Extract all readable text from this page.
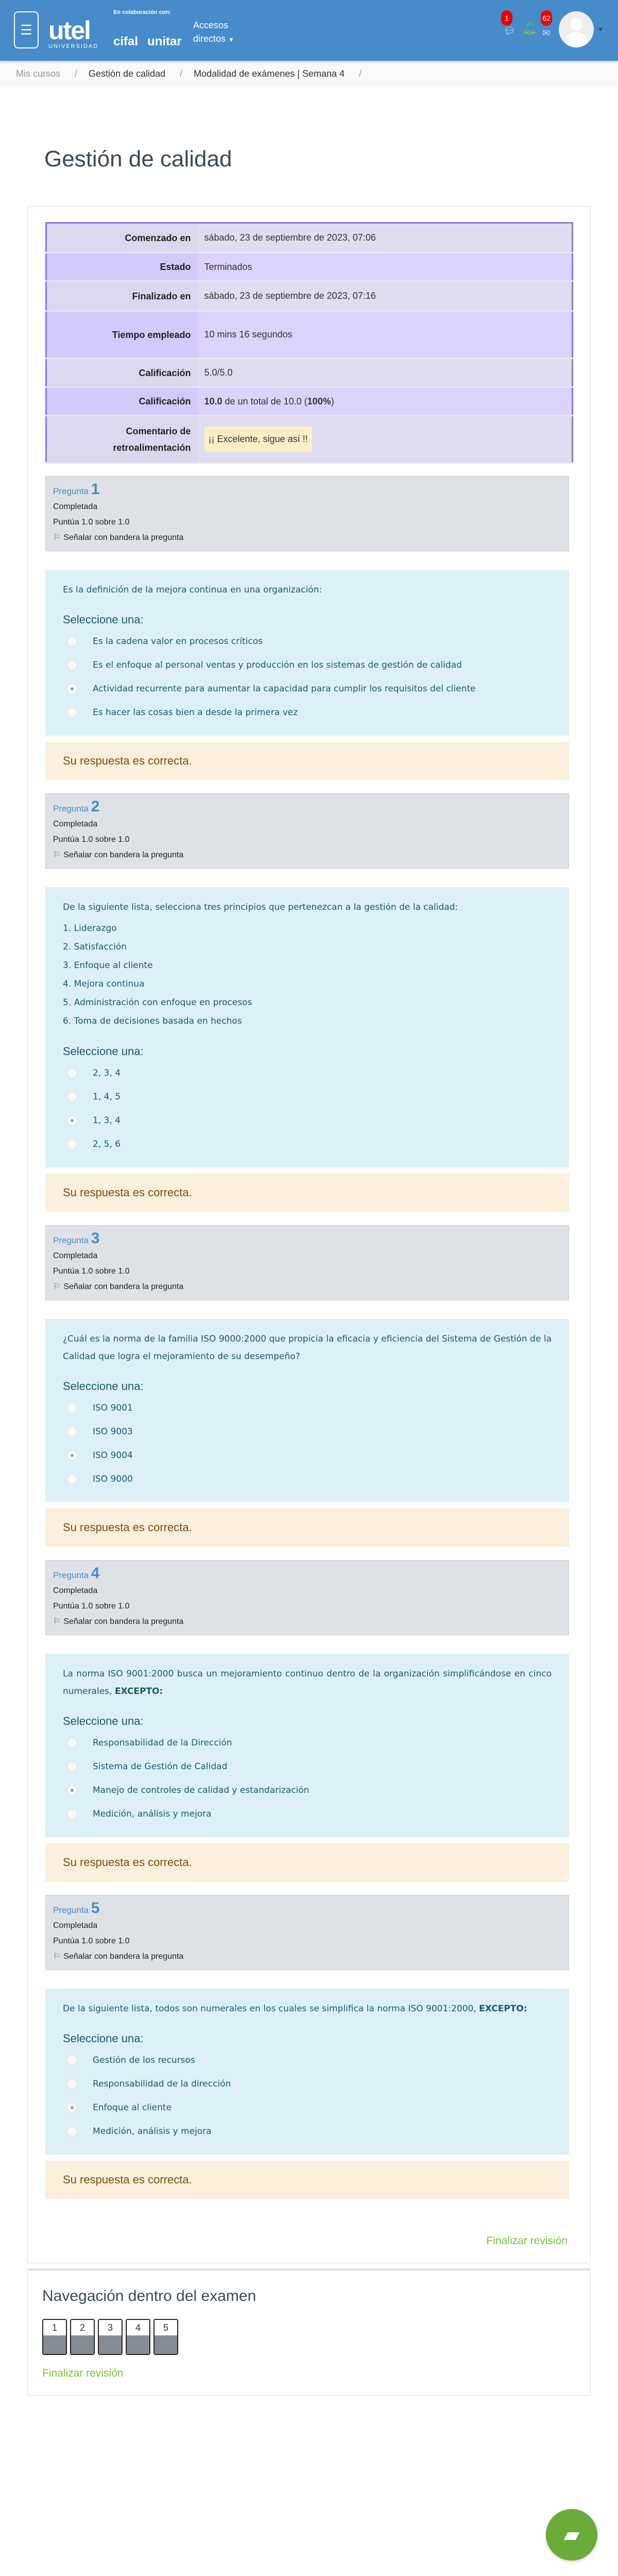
☰ utel
UNIVERSIDAD
En colaboración con:
cifal unitar
Accesos
directos ▼
1
💬︎ 🔔︎
62
✉	▼
Mis cursos / Gestión de calidad / Modalidad de exámenes | Semana 4 /
Gestión de calidad
Comenzado en	sábado, 23 de septiembre de 2023, 07:06
Estado	Terminados
Finalizado en	sábado, 23 de septiembre de 2023, 07:16
Tiempo empleado	10 mins 16 segundos
Calificación	5.0/5.0
Calificación	10.0 de un total de 10.0 (100%)
Comentario de retroalimentación	¡¡ Excelente, sigue así !!
Pregunta 1
Completada
Puntúa 1.0 sobre 1.0
⚐ Señalar con bandera la pregunta

Es la definición de la mejora continua en una organización:

Seleccione una:
Es la cadena valor en procesos críticos
Es el enfoque al personal ventas y producción en los sistemas de gestión de calidad
Actividad recurrente para aumentar la capacidad para cumplir los requisitos del cliente
Es hacer las cosas bien a desde la primera vez
Su respuesta es correcta.
Pregunta 2
Completada
Puntúa 1.0 sobre 1.0
⚐ Señalar con bandera la pregunta

De la siguiente lista, selecciona tres principios que pertenezcan a la gestión de la calidad:

1. Liderazgo

2. Satisfacción

3. Enfoque al cliente

4. Mejora continua

5. Administración con enfoque en procesos

6. Toma de decisiones basada en hechos

Seleccione una:
2, 3, 4
1, 4, 5
1, 3, 4
2, 5, 6
Su respuesta es correcta.
Pregunta 3
Completada
Puntúa 1.0 sobre 1.0
⚐ Señalar con bandera la pregunta

¿Cuál es la norma de la familia ISO 9000:2000 que propicia la eficacia y eficiencia del Sistema de Gestión de la Calidad que logra el mejoramiento de su desempeño?

Seleccione una:
ISO 9001
ISO 9003
ISO 9004
ISO 9000
Su respuesta es correcta.
Pregunta 4
Completada
Puntúa 1.0 sobre 1.0
⚐ Señalar con bandera la pregunta

La norma ISO 9001:2000 busca un mejoramiento continuo dentro de la organización simplificándose en cinco numerales, EXCEPTO:

Seleccione una:
Responsabilidad de la Dirección
Sistema de Gestión de Calidad
Manejo de controles de calidad y estandarización
Medición, análisis y mejora
Su respuesta es correcta.
Pregunta 5
Completada
Puntúa 1.0 sobre 1.0
⚐ Señalar con bandera la pregunta

De la siguiente lista, todos son numerales en los cuales se simplifica la norma ISO 9001:2000, EXCEPTO:

Seleccione una:
Gestión de los recursos
Responsabilidad de la dirección
Enfoque al cliente
Medición, análisis y mejora
Su respuesta es correcta.
Finalizar revisión
Navegación dentro del examen
1	2	3	4	5
Finalizar revisión
▰
